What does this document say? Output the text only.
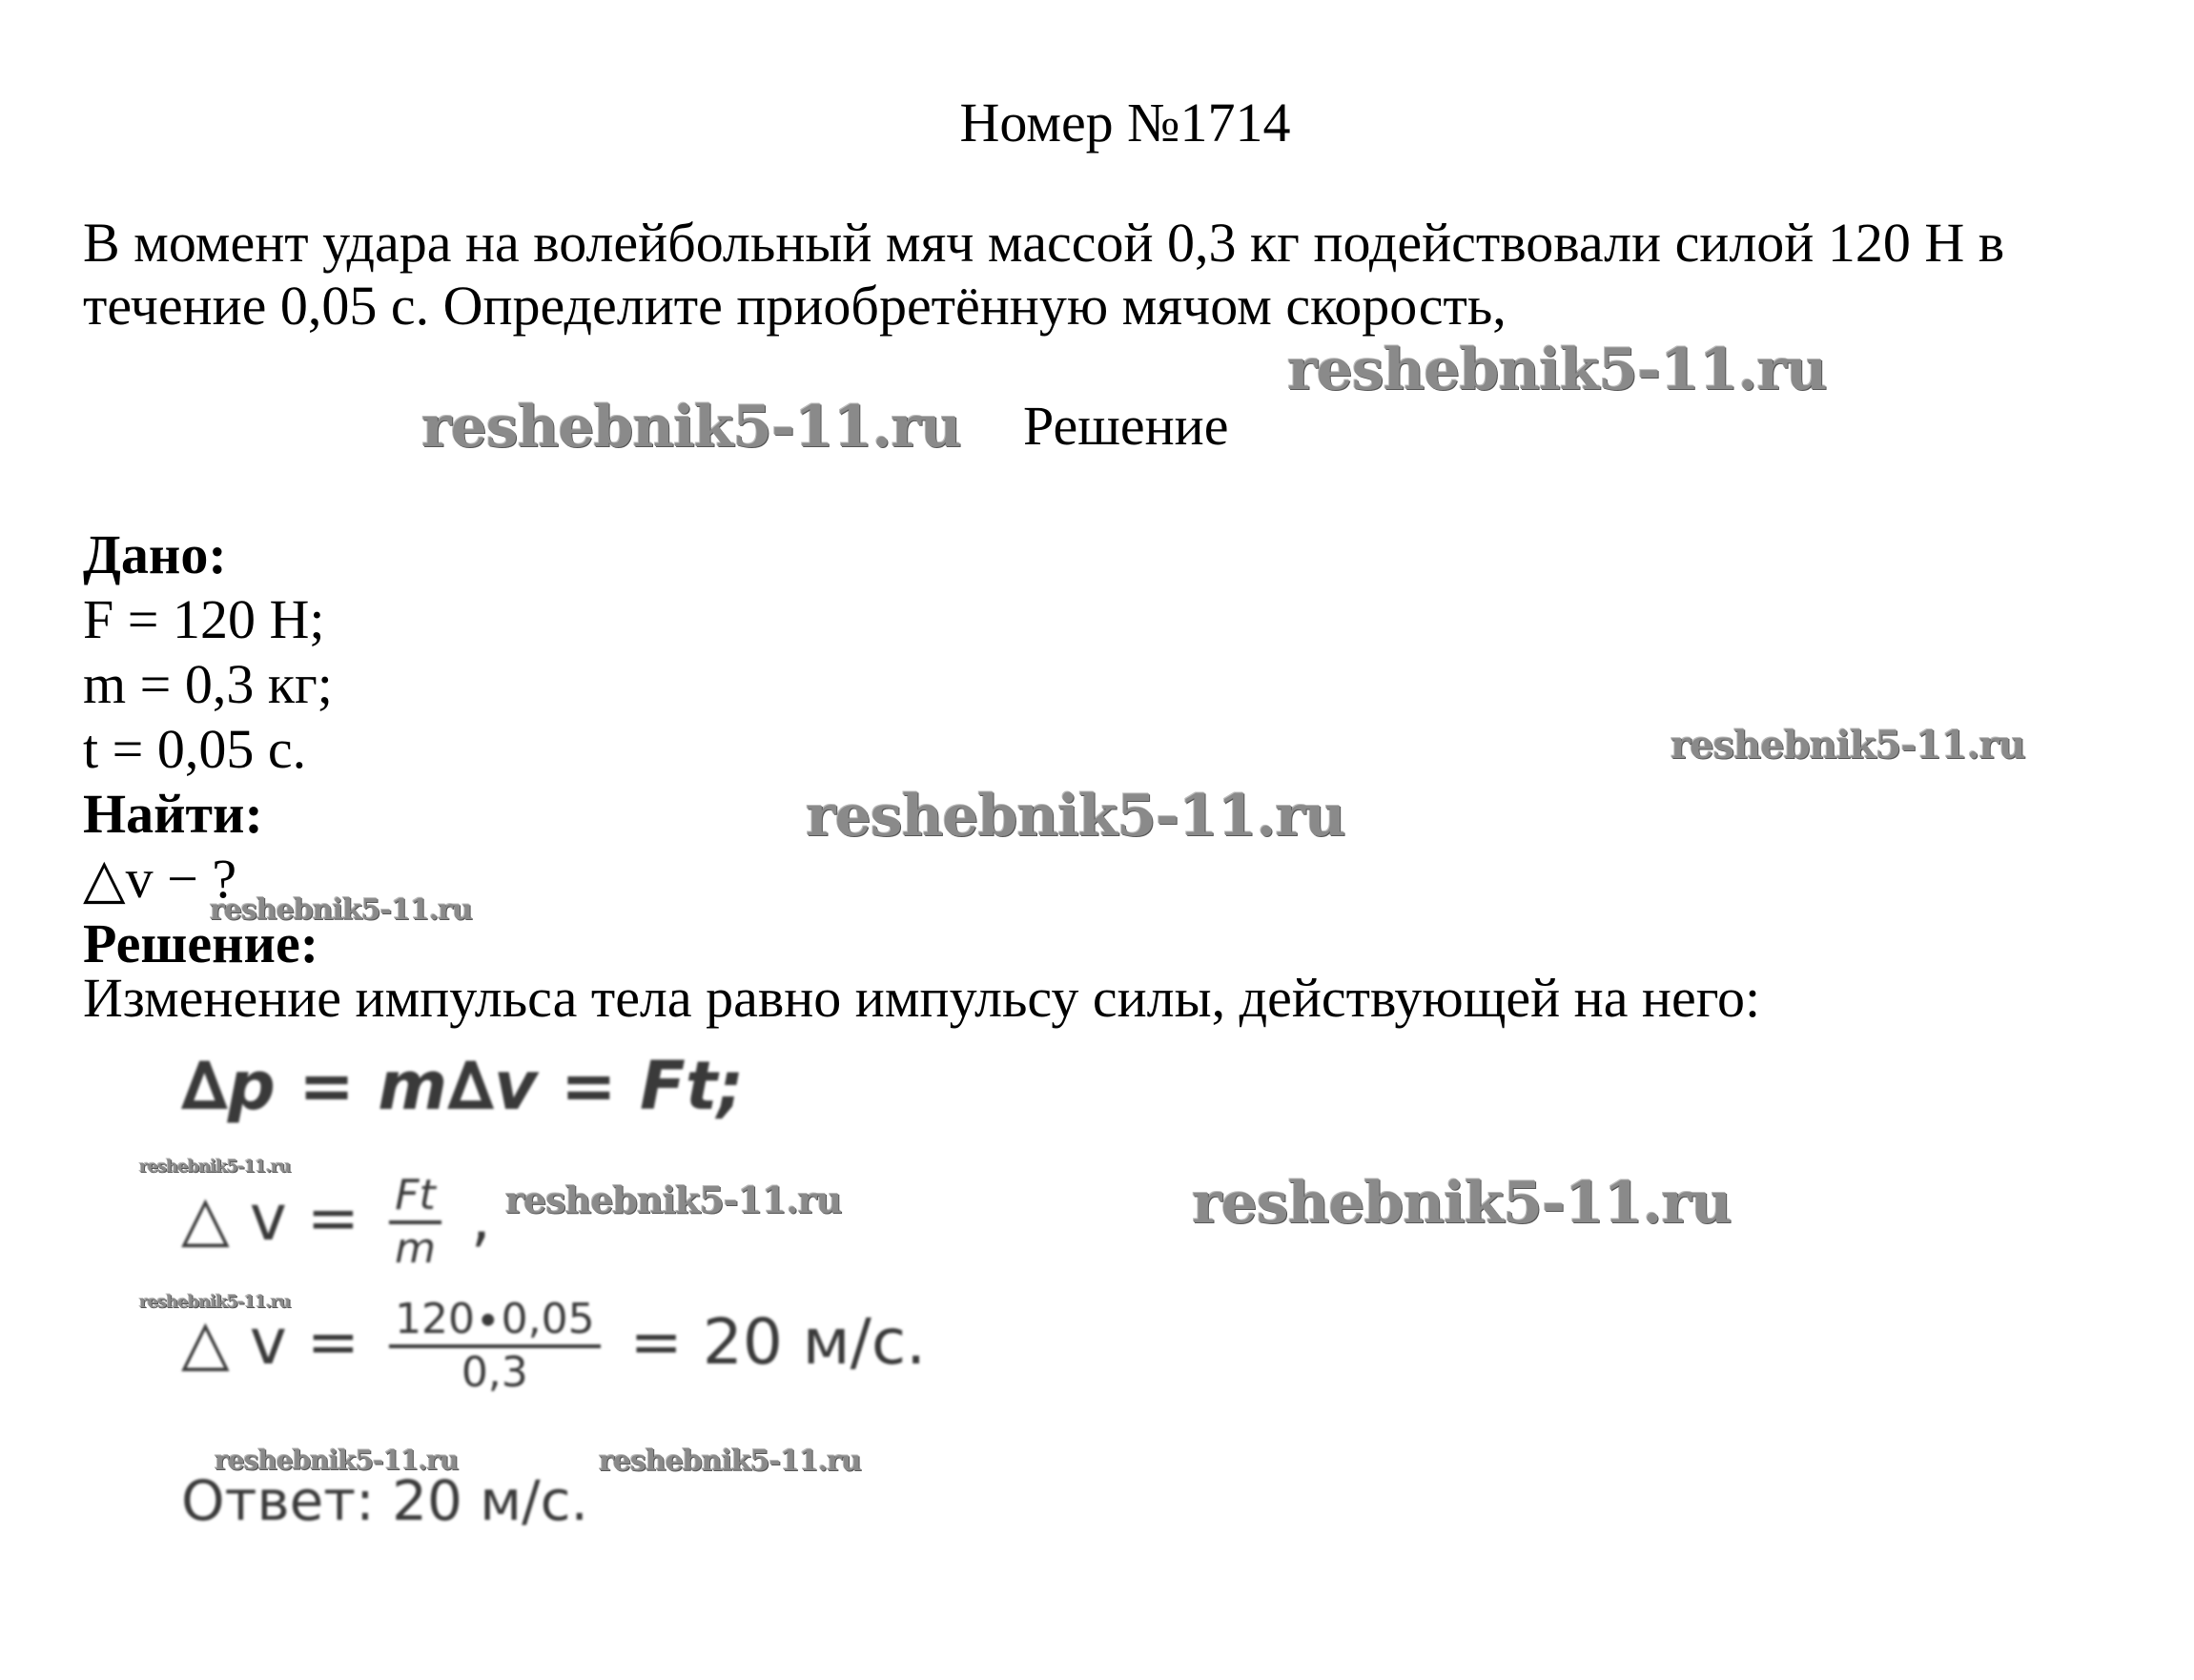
Номер №1714
В момент удара на волейбольный мяч массой 0,3 кг подействовали силой 120 Н в течение 0,05 с. Определите приобретённую мячом скорость,
Решение
Дано:
F = 120 Н;
m = 0,3 кг;
t = 0,05 с.
Найти:
△v − ?
Решение:
Изменение импульса тела равно импульсу силы, действующей на него:
∆p = m∆v = Ft;
△ $v = \frac{Ft}{m}$ ,
△ $v = \frac{120\cdot 0,05}{0,3} = 20$ м/с.
Ответ: 20 м/с.
reshebnik5-11.ru
reshebnik5-11.ru
reshebnik5-11.ru
reshebnik5-11.ru
reshebnik5-11.ru
reshebnik5-11.ru
reshebnik5-11.ru	reshebnik5-11.ru
reshebnik5-11.ru
reshebnik5-11.ru	reshebnik5-11.ru
